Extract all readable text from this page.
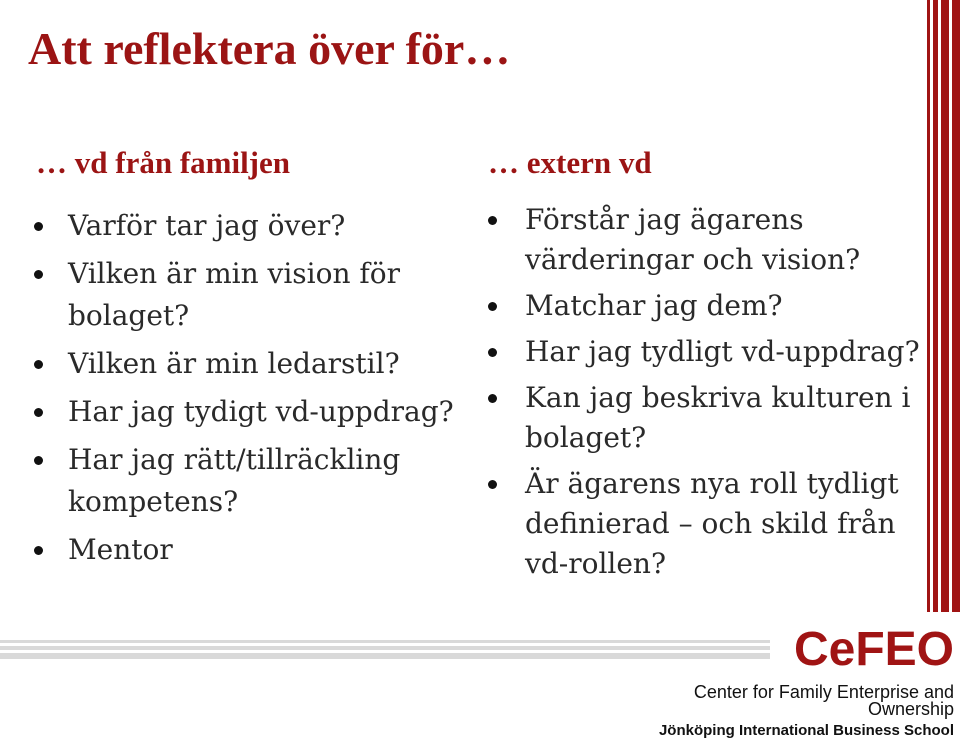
Att reflektera över för…
… vd från familjen
Varför tar jag över?
Vilken är min vision för bolaget?
Vilken är min ledarstil?
Har jag tydigt vd-uppdrag?
Har jag rätt/tillräckling kompetens?
Mentor
… extern vd
Förstår jag ägarens värderingar och vision?
Matchar jag dem?
Har jag tydligt vd-uppdrag?
Kan jag beskriva kulturen i bolaget?
Är ägarens nya roll tydligt definierad – och skild från vd-rollen?
CeFEO
Center for Family Enterprise and Ownership
Jönköping International Business School
